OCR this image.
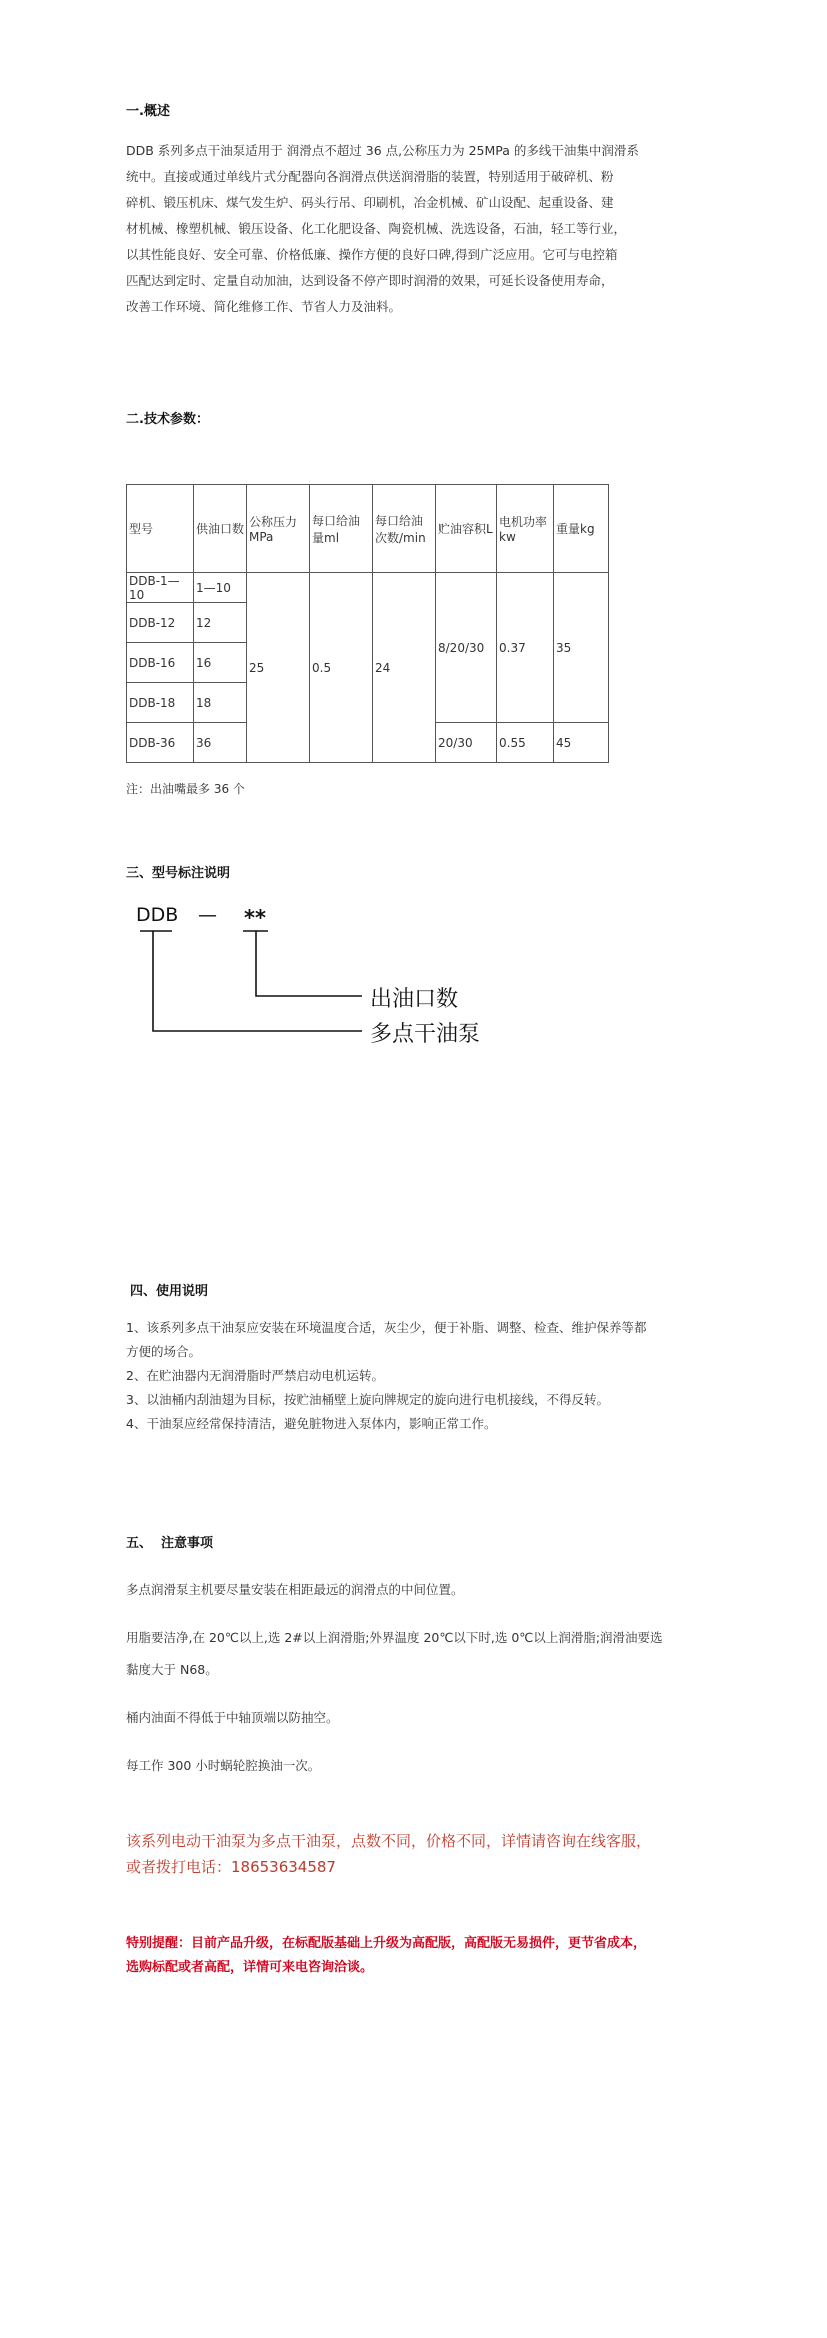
一.概述
DDB 系列多点干油泵适用于 润滑点不超过 36 点,公称压力为 25MPa 的多线干油集中润滑系
统中。直接或通过单线片式分配器向各润滑点供送润滑脂的装置，特别适用于破碎机、粉
碎机、锻压机床、煤气发生炉、码头行吊、印刷机，冶金机械、矿山设配、起重设备、建
材机械、橡塑机械、锻压设备、化工化肥设备、陶瓷机械、洗选设备，石油，轻工等行业，
以其性能良好、安全可靠、价格低廉、操作方便的良好口碑,得到广泛应用。它可与电控箱
匹配达到定时、定量自动加油，达到设备不停产即时润滑的效果，可延长设备使用寿命，
改善工作环境、简化维修工作、节省人力及油料。
二.技术参数：
型号	供油口数	公称压力MPa	每口给油量ml	每口给油次数/min	贮油容积L	电机功率kw	重量kg
DDB-1—10	1—10	25	0.5	24	8/20/30	0.37	35
DDB-12	12						
DDB-16	16						
DDB-18	18						
DDB-36	36				20/30	0.55	45
注：出油嘴最多 36 个
三、型号标注说明
DDB — **
出油口数
多点干油泵
四、使用说明
1、该系列多点干油泵应安装在环境温度合适，灰尘少，便于补脂、调整、检查、维护保养等都
方便的场合。
2、在贮油器内无润滑脂时严禁启动电机运转。
3、以油桶内刮油翅为目标，按贮油桶壁上旋向牌规定的旋向进行电机接线，不得反转。
4、干油泵应经常保持清洁，避免脏物进入泵体内，影响正常工作。
五、  注意事项
多点润滑泵主机要尽量安装在相距最远的润滑点的中间位置。
用脂要洁净,在 20℃以上,选 2#以上润滑脂;外界温度 20℃以下时,选 0℃以上润滑脂;润滑油要选
黏度大于 N68。
桶内油面不得低于中轴顶端以防抽空。
每工作 300 小时蜗轮腔换油一次。
该系列电动干油泵为多点干油泵，点数不同，价格不同，详情请咨询在线客服，
或者拨打电话：18653634587
特别提醒：目前产品升级，在标配版基础上升级为高配版，高配版无易损件，更节省成本，
选购标配或者高配，详情可来电咨询洽谈。
